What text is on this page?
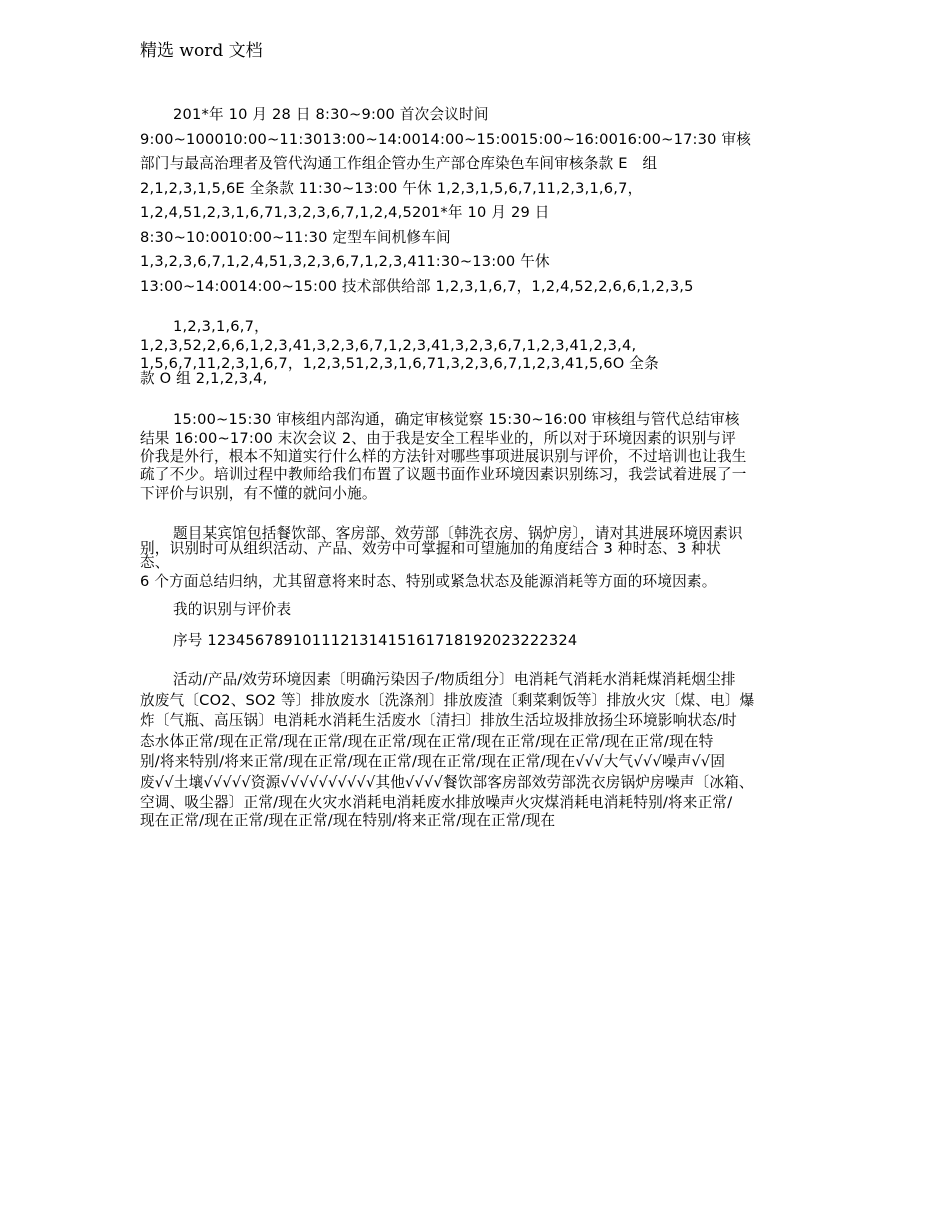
精选 word 文档

201*年 10 月 28 日 8:30~9:00 首次会议时间

9:00~100010:00~11:3013:00~14:0014:00~15:0015:00~16:0016:00~17:30 审核

部门与最高治理者及管代沟通工作组企管办生产部仓库染色车间审核条款 E　组

2,1,2,3,1,5,6E 全条款 11:30~13:00 午休 1,2,3,1,5,6,7,11,2,3,1,6,7，

1,2,4,51,2,3,1,6,71,3,2,3,6,7,1,2,4,5201*年 10 月 29 日

8:30~10:0010:00~11:30 定型车间机修车间

1,3,2,3,6,7,1,2,4,51,3,2,3,6,7,1,2,3,411:30~13:00 午休

13:00~14:0014:00~15:00 技术部供给部 1,2,3,1,6,7，1,2,4,52,2,6,6,1,2,3,5

1,2,3,1,6,7，

1,2,3,52,2,6,6,1,2,3,41,3,2,3,6,7,1,2,3,41,3,2,3,6,7,1,2,3,41,2,3,4,

1,5,6,7,11,2,3,1,6,7，1,2,3,51,2,3,1,6,71,3,2,3,6,7,1,2,3,41,5,6O 全条

款 O 组 2,1,2,3,4,

15:00~15:30 审核组内部沟通，确定审核觉察 15:30~16:00 审核组与管代总结审核

结果 16:00~17:00 末次会议 2、由于我是安全工程毕业的，所以对于环境因素的识别与评

价我是外行，根本不知道实行什么样的方法针对哪些事项进展识别与评价，不过培训也让我生

疏了不少。培训过程中教师给我们布置了议题书面作业环境因素识别练习，我尝试着进展了一

下评价与识别，有不懂的就问小施。

题目某宾馆包括餐饮部、客房部、效劳部〔韩洗衣房、锅炉房〕，请对其进展环境因素识

别，识别时可从组织活动、产品、效劳中可掌握和可望施加的角度结合 3 种时态、3 种状

态、

6 个方面总结归纳，尤其留意将来时态、特别或紧急状态及能源消耗等方面的环境因素。

我的识别与评价表

序号 123456789101112131415161718192023222324

活动/产品/效劳环境因素〔明确污染因子/物质组分〕电消耗气消耗水消耗煤消耗烟尘排

放废气〔CO2、SO2 等〕排放废水〔洗涤剂〕排放废渣〔剩菜剩饭等〕排放火灾〔煤、电〕爆

炸〔气瓶、高压锅〕电消耗水消耗生活废水〔清扫〕排放生活垃圾排放扬尘环境影响状态/时

态水体正常/现在正常/现在正常/现在正常/现在正常/现在正常/现在正常/现在正常/现在特

别/将来特别/将来正常/现在正常/现在正常/现在正常/现在正常/现在√√√大气√√√噪声√√固

废√√土壤√√√√√资源√√√√√√√√√√其他√√√√餐饮部客房部效劳部洗衣房锅炉房噪声〔冰箱、

空调、吸尘器〕正常/现在火灾水消耗电消耗废水排放噪声火灾煤消耗电消耗特别/将来正常/

现在正常/现在正常/现在正常/现在特别/将来正常/现在正常/现在
